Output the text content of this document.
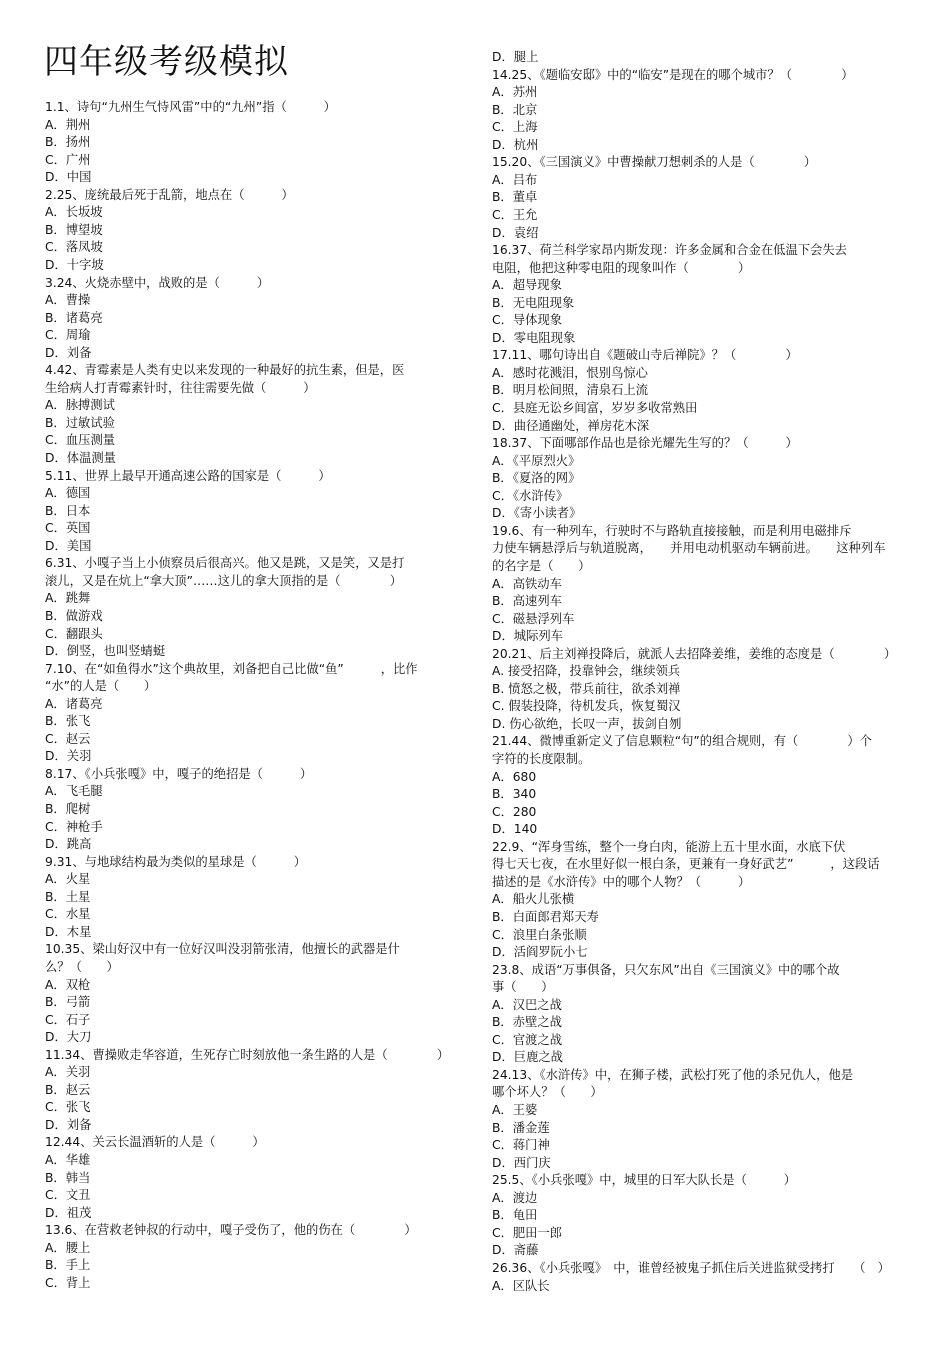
四年级考级模拟
1.1、诗句“九州生气恃风雷”中的“九州”指（　　　）
A．荆州
B．扬州
C．广州
D．中国
2.25、庞统最后死于乱箭，地点在（　　　）
A．长坂坡
B．博望坡
C．落凤坡
D．十字坡
3.24、火烧赤壁中，战败的是（　　　）
A．曹操
B．诸葛亮
C．周瑜
D．刘备
4.42、青霉素是人类有史以来发现的一种最好的抗生素，但是，医
生给病人打青霉素针时，往往需要先做（　　　）
A．脉搏测试
B．过敏试验
C．血压测量
D．体温测量
5.11、世界上最早开通高速公路的国家是（　　　）
A．德国
B．日本
C．英国
D．美国
6.31、小嘎子当上小侦察员后很高兴。他又是跳，又是笑，又是打
滚儿，又是在炕上“拿大顶”……这儿的拿大顶指的是（　　　　）
A．跳舞
B．做游戏
C．翻跟头
D．倒竖，也叫竖蜻蜓
7.10、在“如鱼得水”这个典故里，刘备把自己比做“鱼”　　　，比作
“水”的人是（　　）
A．诸葛亮
B．张飞
C．赵云
D．关羽
8.17、《小兵张嘎》中，嘎子的绝招是（　　　）
A．飞毛腿
B．爬树
C．神枪手
D．跳高
9.31、与地球结构最为类似的星球是（　　　）
A．火星
B．土星
C．水星
D．木星
10.35、梁山好汉中有一位好汉叫没羽箭张清，他擅长的武器是什
么？（　　）
A．双枪
B．弓箭
C．石子
D．大刀
11.34、曹操败走华容道，生死存亡时刻放他一条生路的人是（　　　　）
A．关羽
B．赵云
C．张飞
D．刘备
12.44、关云长温酒斩的人是（　　　）
A．华雄
B．韩当
C．文丑
D．祖茂
13.6、在营救老钟叔的行动中，嘎子受伤了，他的伤在（　　　　）
A．腰上
B．手上
C．背上
D．腿上
14.25、《题临安邸》中的“临安”是现在的哪个城市？（　　　　）
A．苏州
B．北京
C．上海
D．杭州
15.20、《三国演义》中曹操献刀想刺杀的人是（　　　　）
A．吕布
B．董卓
C．王允
D．袁绍
16.37、荷兰科学家昂内斯发现：许多金属和合金在低温下会失去
电阻，他把这种零电阻的现象叫作（　　　　）
A．超导现象
B．无电阻现象
C．导体现象
D．零电阻现象
17.11、哪句诗出自《题破山寺后禅院》？（　　　　）
A．感时花溅泪，恨别鸟惊心
B．明月松间照，清泉石上流
C．县庭无讼乡闾富，岁岁多收常熟田
D．曲径通幽处，禅房花木深
18.37、下面哪部作品也是徐光耀先生写的？（　　　）
A．《平原烈火》
B．《夏洛的网》
C．《水浒传》
D．《寄小读者》
19.6、有一种列车，行驶时不与路轨直接接触，而是利用电磁排斥
力使车辆悬浮后与轨道脱离，　　并用电动机驱动车辆前进。　　这种列车
的名字是（　　）
A．高铁动车
B．高速列车
C．磁悬浮列车
D．城际列车
20.21、后主刘禅投降后，就派人去招降姜维，姜维的态度是（　　　　）
A. 接受招降，投靠钟会，继续领兵
B. 愤怒之极，带兵前往，欲杀刘禅
C. 假装投降，待机发兵，恢复蜀汉
D. 伤心欲绝，长叹一声，拔剑自刎
21.44、微博重新定义了信息颗粒“句”的组合规则，有（　　　　）个
字符的长度限制。
A．680
B．340
C．280
D．140
22.9、“浑身雪练，整个一身白肉，能游上五十里水面，水底下伏
得七天七夜，在水里好似一根白条，更兼有一身好武艺”　　　，这段话
描述的是《水浒传》中的哪个人物？（　　　）
A．船火儿张横
B．白面郎君郑天寿
C．浪里白条张顺
D．活阎罗阮小七
23.8、成语“万事俱备，只欠东风”出自《三国演义》中的哪个故
事（　　）
A．汉巴之战
B．赤壁之战
C．官渡之战
D．巨鹿之战
24.13、《水浒传》中，在狮子楼，武松打死了他的杀兄仇人，他是
哪个坏人？（　　）
A．王婆
B．潘金莲
C．蒋门神
D．西门庆
25.5、《小兵张嘎》中，城里的日军大队长是（　　　）
A．渡边
B．龟田
C．肥田一郎
D．斋藤
26.36、《小兵张嘎》　中，谁曾经被鬼子抓住后关进监狱受拷打　　（　）
A．区队长
